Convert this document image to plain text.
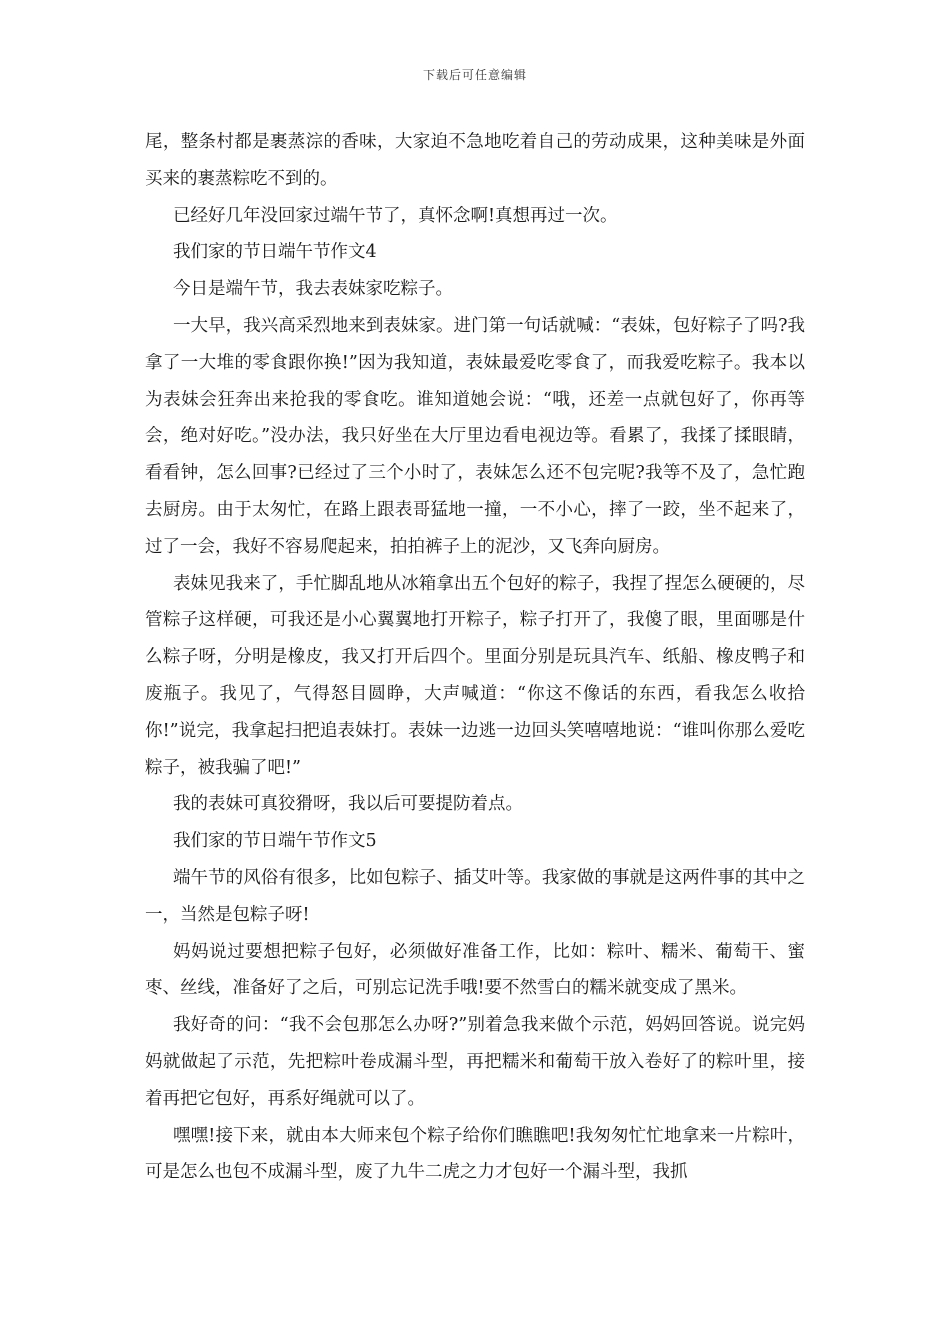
下载后可任意编辑

尾，整条村都是裹蒸淙的香味，大家迫不急地吃着自己的劳动成果，这种美味是外面买来的裹蒸粽吃不到的。

已经好几年没回家过端午节了，真怀念啊!真想再过一次。

我们家的节日端午节作文4

今日是端午节，我去表妹家吃粽子。

一大早，我兴高采烈地来到表妹家。进门第一句话就喊：“表妹，包好粽子了吗?我拿了一大堆的零食跟你换!”因为我知道，表妹最爱吃零食了，而我爱吃粽子。我本以为表妹会狂奔出来抢我的零食吃。谁知道她会说：“哦，还差一点就包好了，你再等会，绝对好吃。”没办法，我只好坐在大厅里边看电视边等。看累了，我揉了揉眼睛，看看钟，怎么回事?已经过了三个小时了，表妹怎么还不包完呢?我等不及了，急忙跑去厨房。由于太匆忙，在路上跟表哥猛地一撞，一不小心，摔了一跤，坐不起来了，过了一会，我好不容易爬起来，拍拍裤子上的泥沙，又飞奔向厨房。

表妹见我来了，手忙脚乱地从冰箱拿出五个包好的粽子，我捏了捏怎么硬硬的，尽管粽子这样硬，可我还是小心翼翼地打开粽子，粽子打开了，我傻了眼，里面哪是什么粽子呀，分明是橡皮，我又打开后四个。里面分别是玩具汽车、纸船、橡皮鸭子和废瓶子。我见了，气得怒目圆睁，大声喊道：“你这不像话的东西，看我怎么收拾你!”说完，我拿起扫把追表妹打。表妹一边逃一边回头笑嘻嘻地说：“谁叫你那么爱吃粽子，被我骗了吧!”

我的表妹可真狡猾呀，我以后可要提防着点。

我们家的节日端午节作文5

端午节的风俗有很多，比如包粽子、插艾叶等。我家做的事就是这两件事的其中之一，当然是包粽子呀!

妈妈说过要想把粽子包好，必须做好准备工作，比如：粽叶、糯米、葡萄干、蜜枣、丝线，准备好了之后，可别忘记洗手哦!要不然雪白的糯米就变成了黑米。

我好奇的问：“我不会包那怎么办呀?”别着急我来做个示范，妈妈回答说。说完妈妈就做起了示范，先把粽叶卷成漏斗型，再把糯米和葡萄干放入卷好了的粽叶里，接着再把它包好，再系好绳就可以了。

嘿嘿!接下来，就由本大师来包个粽子给你们瞧瞧吧!我匆匆忙忙地拿来一片粽叶，可是怎么也包不成漏斗型，废了九牛二虎之力才包好一个漏斗型，我抓
